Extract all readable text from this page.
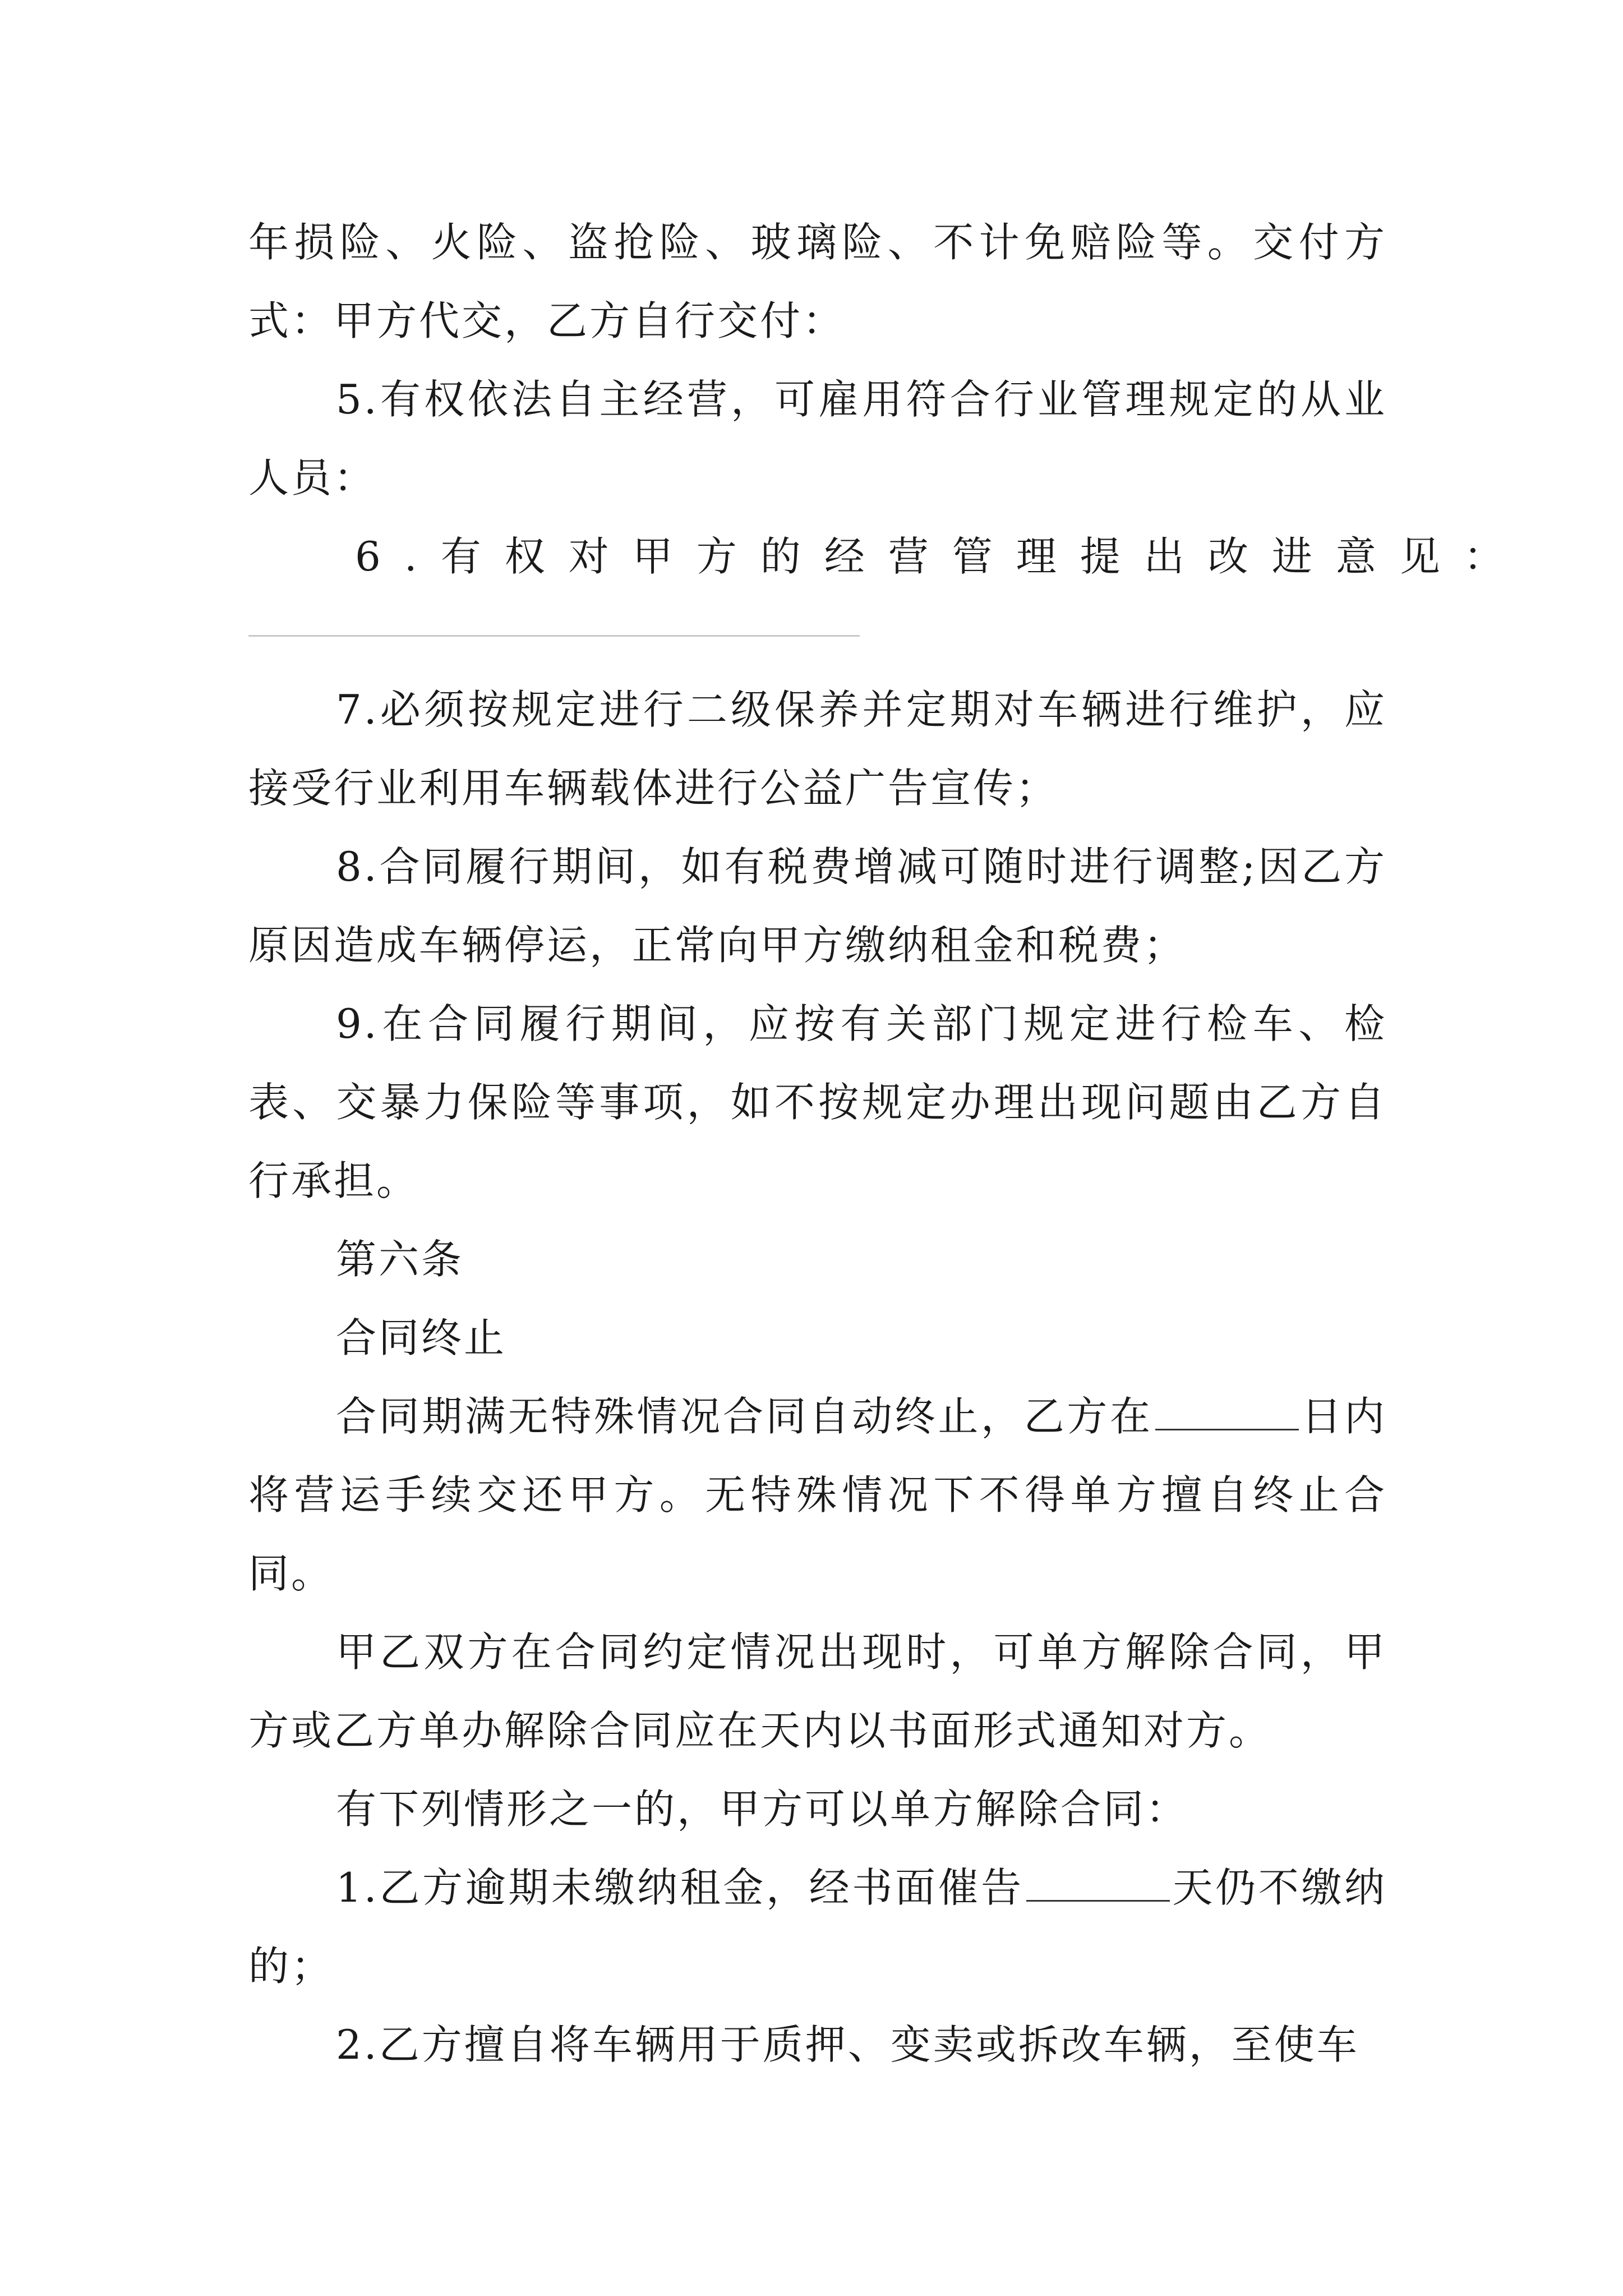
年损险、火险、盗抢险、玻璃险、不计免赔险等。交付方式：甲方代交，乙方自行交付：

5.有权依法自主经营，可雇用符合行业管理规定的从业人员：

6.有权对甲方的经营管理提出改进意见：

7.必须按规定进行二级保养并定期对车辆进行维护，应接受行业利用车辆载体进行公益广告宣传；

8.合同履行期间，如有税费增减可随时进行调整;因乙方原因造成车辆停运，正常向甲方缴纳租金和税费；

9.在合同履行期间，应按有关部门规定进行检车、检表、交暴力保险等事项，如不按规定办理出现问题由乙方自行承担。

第六条

合同终止

合同期满无特殊情况合同自动终止，乙方在	日内将营运手续交还甲方。无特殊情况下不得单方擅自终止合同。

甲乙双方在合同约定情况出现时，可单方解除合同，甲方或乙方单办解除合同应在天内以书面形式通知对方。

有下列情形之一的，甲方可以单方解除合同：

1.乙方逾期未缴纳租金，经书面催告	天仍不缴纳的；

2.乙方擅自将车辆用于质押、变卖或拆改车辆，至使车
